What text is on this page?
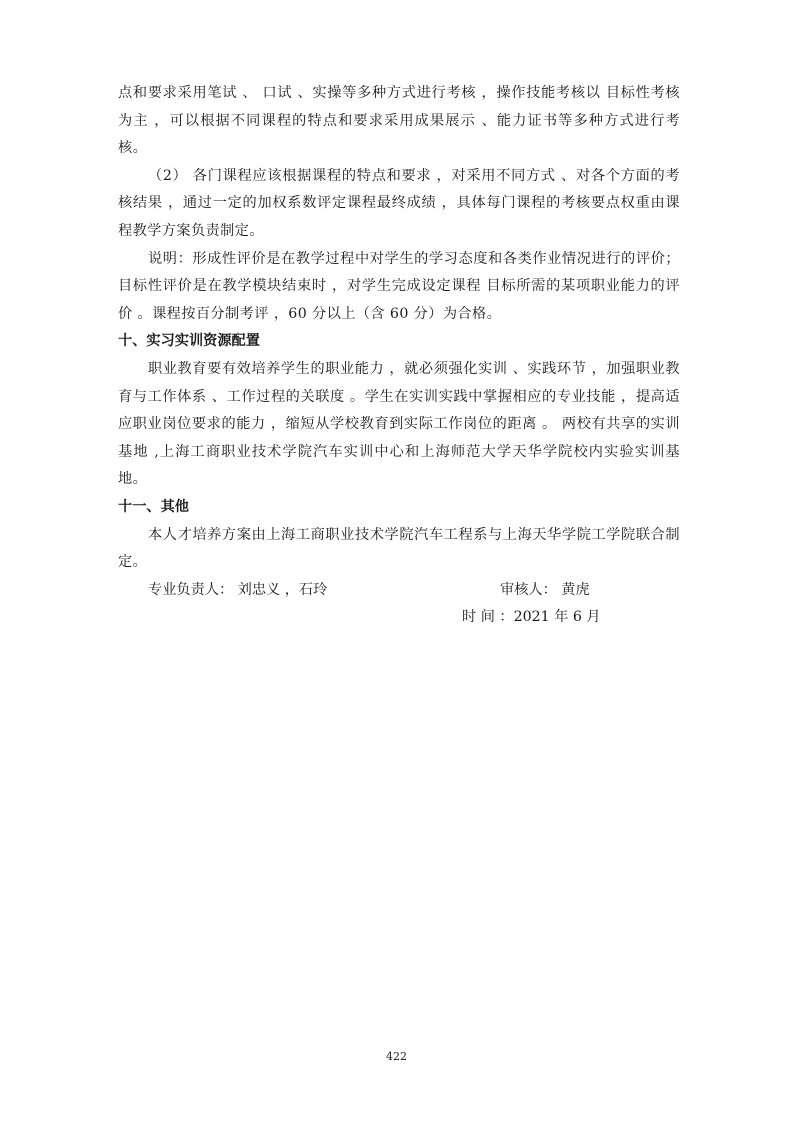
点和要求采用笔试 、 口试 、实操等多种方式进行考核 ，操作技能考核以 目标性考核为主 ，可以根据不同课程的特点和要求采用成果展示 、能力证书等多种方式进行考核。

（2） 各门课程应该根据课程的特点和要求 ，对采用不同方式 、对各个方面的考核结果 ，通过一定的加权系数评定课程最终成绩 ，具体每门课程的考核要点权重由课程教学方案负责制定。

说明：形成性评价是在教学过程中对学生的学习态度和各类作业情况进行的评价； 目标性评价是在教学模块结束时 ，对学生完成设定课程 目标所需的某项职业能力的评价 。课程按百分制考评 ，60 分以上（含 60 分）为合格。

十、实习实训资源配置

职业教育要有效培养学生的职业能力 ，就必须强化实训 、实践环节 ，加强职业教育与工作体系 、工作过程的关联度 。学生在实训实践中掌握相应的专业技能 ，提高适应职业岗位要求的能力 ，缩短从学校教育到实际工作岗位的距离 。 两校有共享的实训基地 ,上海工商职业技术学院汽车实训中心和上海师范大学天华学院校内实验实训基地。

十一、其他

本人才培养方案由上海工商职业技术学院汽车工程系与上海天华学院工学院联合制定。

专业负责人： 刘忠义 ，石玲	审核人： 黄虎
时 间 ：2021 年 6 月
422
